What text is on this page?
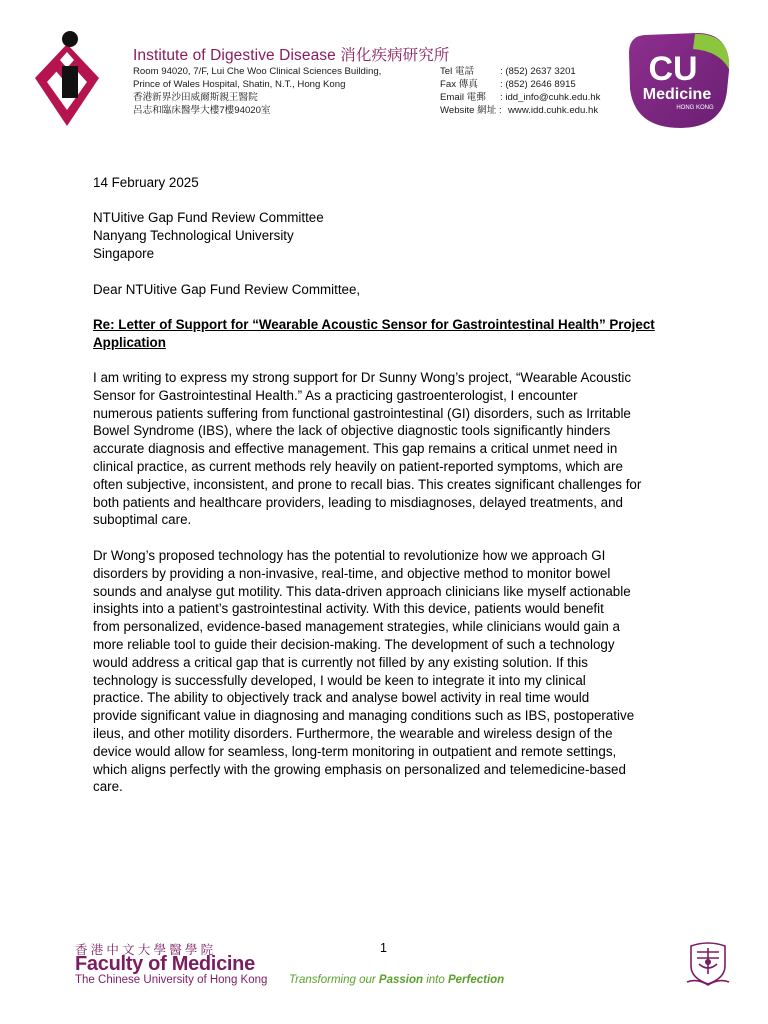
Institute of Digestive Disease 消化疾病研究所
Room 94020, 7/F, Lui Che Woo Clinical Sciences Building,
Prince of Wales Hospital, Shatin, N.T., Hong Kong
香港新界沙田威爾斯親王醫院
呂志和臨床醫學大樓7樓94020室
Tel 電話
Fax 傳真
Email 電郵
Website 網址 :
: (852) 2637 3201
: (852) 2646 8915
: idd_info@cuhk.edu.hk
www.idd.cuhk.edu.hk
CU
Medicine
HONG KONG
14 February 2025
NTUitive Gap Fund Review Committee
Nanyang Technological University
Singapore
Dear NTUitive Gap Fund Review Committee,
Re: Letter of Support for “Wearable Acoustic Sensor for Gastrointestinal Health” Project
Application
I am writing to express my strong support for Dr Sunny Wong’s project, “Wearable Acoustic
Sensor for Gastrointestinal Health.” As a practicing gastroenterologist, I encounter
numerous patients suffering from functional gastrointestinal (GI) disorders, such as Irritable
Bowel Syndrome (IBS), where the lack of objective diagnostic tools significantly hinders
accurate diagnosis and effective management. This gap remains a critical unmet need in
clinical practice, as current methods rely heavily on patient-reported symptoms, which are
often subjective, inconsistent, and prone to recall bias. This creates significant challenges for
both patients and healthcare providers, leading to misdiagnoses, delayed treatments, and
suboptimal care.
Dr Wong’s proposed technology has the potential to revolutionize how we approach GI
disorders by providing a non-invasive, real-time, and objective method to monitor bowel
sounds and analyse gut motility. This data-driven approach clinicians like myself actionable
insights into a patient’s gastrointestinal activity. With this device, patients would benefit
from personalized, evidence-based management strategies, while clinicians would gain a
more reliable tool to guide their decision-making. The development of such a technology
would address a critical gap that is currently not filled by any existing solution. If this
technology is successfully developed, I would be keen to integrate it into my clinical
practice. The ability to objectively track and analyse bowel activity in real time would
provide significant value in diagnosing and managing conditions such as IBS, postoperative
ileus, and other motility disorders. Furthermore, the wearable and wireless design of the
device would allow for seamless, long-term monitoring in outpatient and remote settings,
which aligns perfectly with the growing emphasis on personalized and telemedicine-based
care.
香港中文大學醫學院
Faculty of Medicine
The Chinese University of Hong Kong Transforming our Passion into Perfection
1
